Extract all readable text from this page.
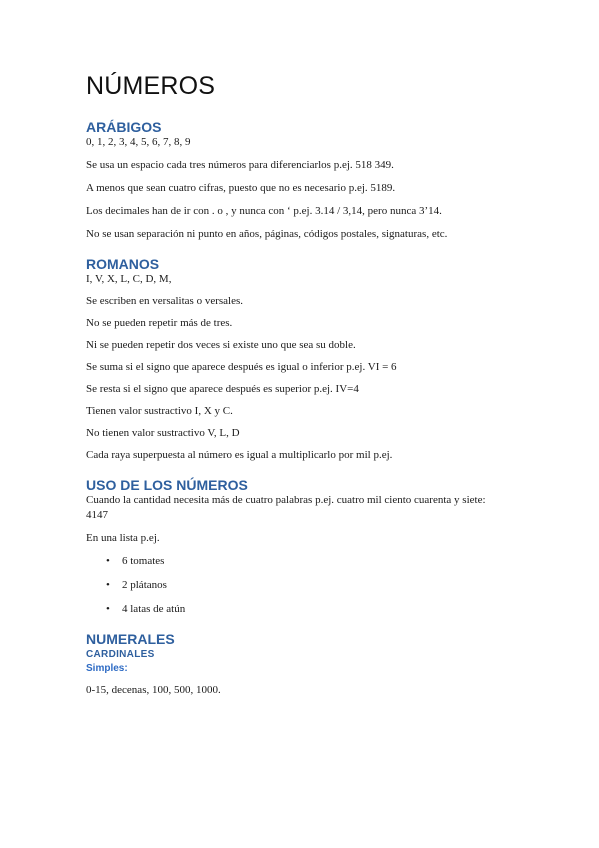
NÚMEROS
ARÁBIGOS

0, 1, 2, 3, 4, 5, 6, 7, 8, 9

Se usa un espacio cada tres números para diferenciarlos p.ej. 518 349.

A menos que sean cuatro cifras, puesto que no es necesario p.ej. 5189.

Los decimales han de ir con . o , y nunca con ‘ p.ej. 3.14 / 3,14, pero nunca 3’14.

No se usan separación ni punto en años, páginas, códigos postales, signaturas, etc.

ROMANOS

I, V, X, L, C, D, M,

Se escriben en versalitas o versales.

No se pueden repetir más de tres.

Ni se pueden repetir dos veces si existe uno que sea su doble.

Se suma si el signo que aparece después es igual o inferior p.ej. VI = 6

Se resta si el signo que aparece después es superior p.ej. IV=4

Tienen valor sustractivo I, X y C.

No tienen valor sustractivo V, L, D

Cada raya superpuesta al número es igual a multiplicarlo por mil p.ej.

USO DE LOS NÚMEROS

Cuando la cantidad necesita más de cuatro palabras p.ej. cuatro mil ciento cuarenta y siete: 4147

En una lista p.ej.

• 6 tomates
• 2 plátanos
• 4 latas de atún
NUMERALES
CARDINALES
Simples:

0-15, decenas, 100, 500, 1000.
